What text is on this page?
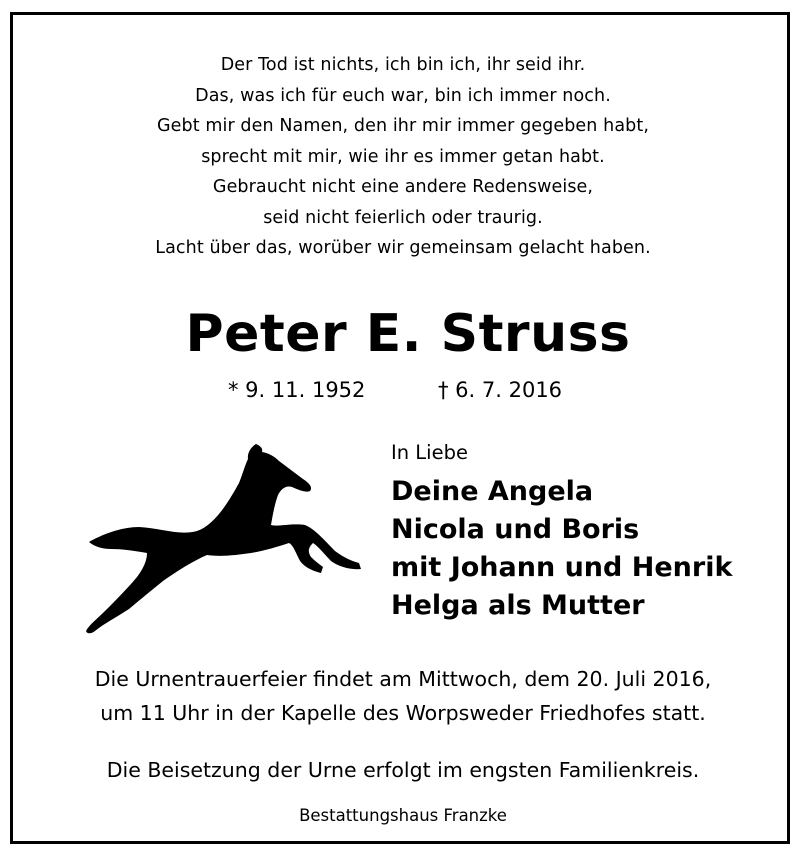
Der Tod ist nichts, ich bin ich, ihr seid ihr.
Das, was ich für euch war, bin ich immer noch.
Gebt mir den Namen, den ihr mir immer gegeben habt,
sprecht mit mir, wie ihr es immer getan habt.
Gebraucht nicht eine andere Redensweise,
seid nicht feierlich oder traurig.
Lacht über das, worüber wir gemeinsam gelacht haben.
Peter E. Struss
* 9. 11. 1952	† 6. 7. 2016
In Liebe
Deine Angela
Nicola und Boris
mit Johann und Henrik
Helga als Mutter
Die Urnentrauerfeier findet am Mittwoch, dem 20. Juli 2016,
um 11 Uhr in der Kapelle des Worpsweder Friedhofes statt.
Die Beisetzung der Urne erfolgt im engsten Familienkreis.
Bestattungshaus Franzke
